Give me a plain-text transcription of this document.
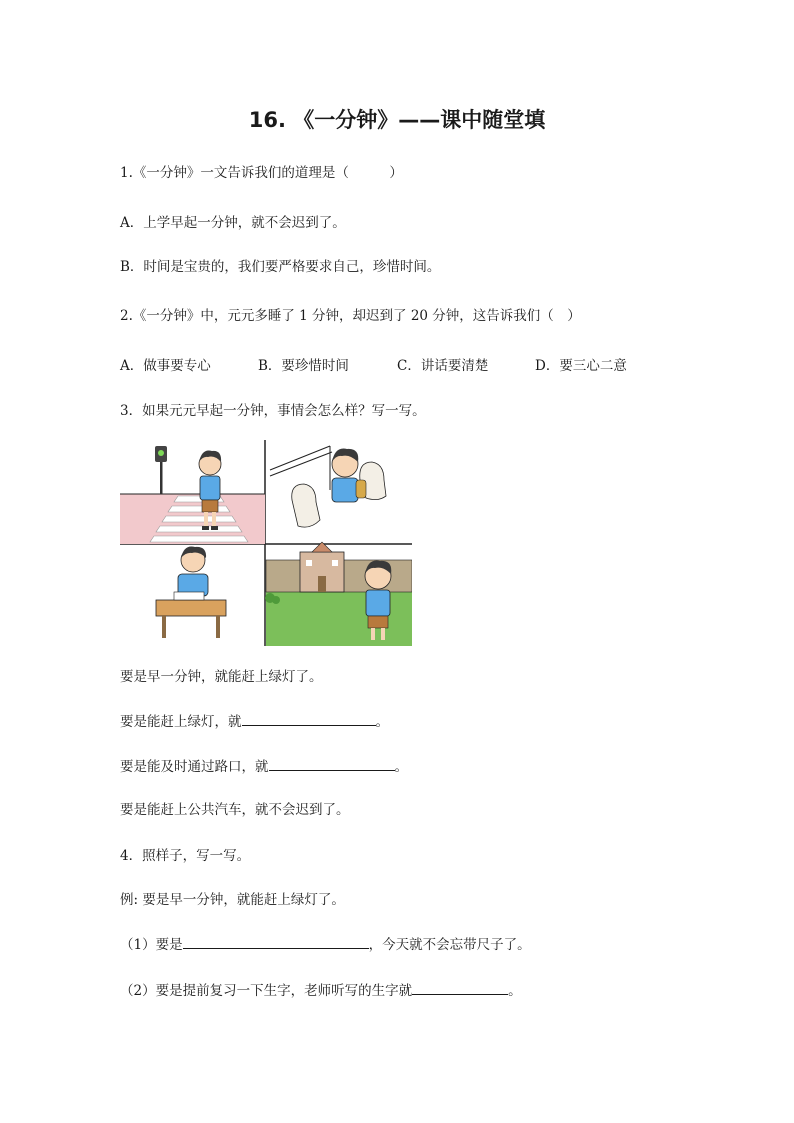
16. 《一分钟》——课中随堂填
1.《一分钟》一文告诉我们的道理是（　　　）
A．上学早起一分钟，就不会迟到了。
B．时间是宝贵的，我们要严格要求自己，珍惜时间。
2.《一分钟》中，元元多睡了 1 分钟，却迟到了 20 分钟，这告诉我们（　）
A．做事要专心	B．要珍惜时间	C．讲话要清楚	D．要三心二意
3．如果元元早起一分钟，事情会怎么样？写一写。
要是早一分钟，就能赶上绿灯了。
要是能赶上绿灯，就	。
要是能及时通过路口，就	。
要是能赶上公共汽车，就不会迟到了。
4．照样子，写一写。
例: 要是早一分钟，就能赶上绿灯了。
（1）要是	，今天就不会忘带尺子了。
（2）要是提前复习一下生字，老师听写的生字就	。
